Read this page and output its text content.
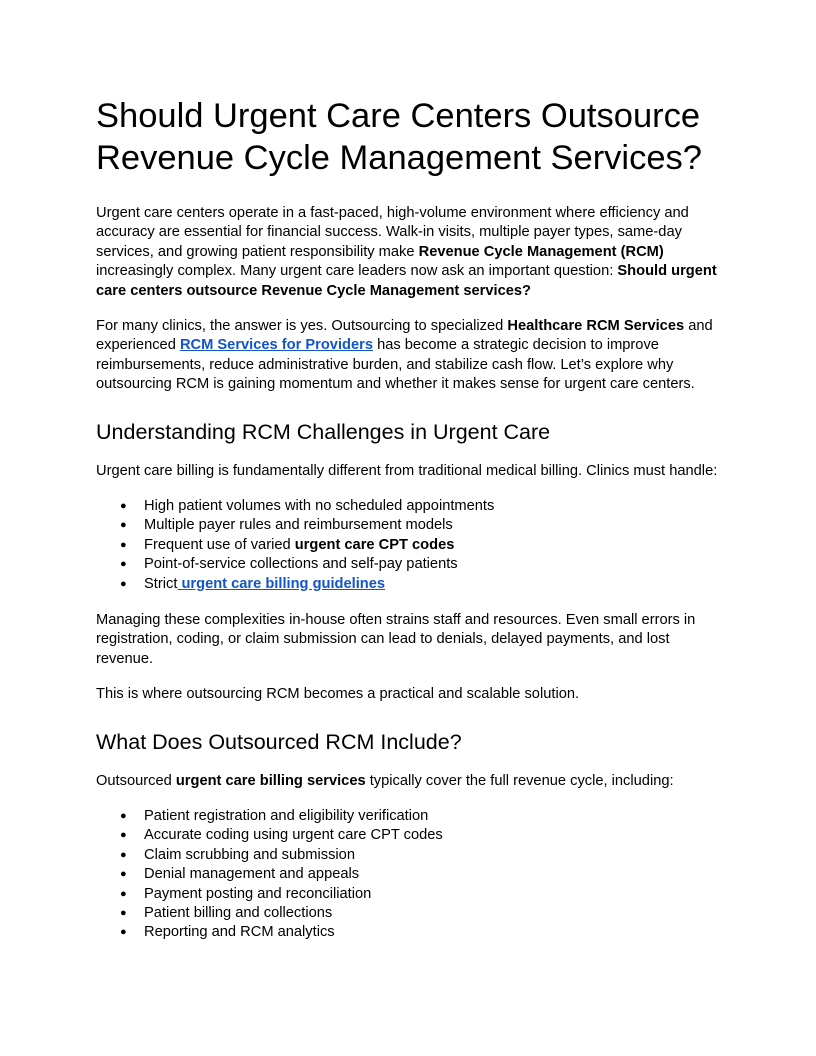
Should Urgent Care Centers Outsource Revenue Cycle Management Services?

Urgent care centers operate in a fast-paced, high-volume environment where efficiency and accuracy are essential for financial success. Walk-in visits, multiple payer types, same-day services, and growing patient responsibility make Revenue Cycle Management (RCM) increasingly complex. Many urgent care leaders now ask an important question: Should urgent care centers outsource Revenue Cycle Management services?

For many clinics, the answer is yes. Outsourcing to specialized Healthcare RCM Services and experienced RCM Services for Providers has become a strategic decision to improve reimbursements, reduce administrative burden, and stabilize cash flow. Let’s explore why outsourcing RCM is gaining momentum and whether it makes sense for urgent care centers.

Understanding RCM Challenges in Urgent Care

Urgent care billing is fundamentally different from traditional medical billing. Clinics must handle:

● High patient volumes with no scheduled appointments
● Multiple payer rules and reimbursement models
● Frequent use of varied urgent care CPT codes
● Point-of-service collections and self-pay patients
● Strict urgent care billing guidelines

Managing these complexities in-house often strains staff and resources. Even small errors in registration, coding, or claim submission can lead to denials, delayed payments, and lost revenue.

This is where outsourcing RCM becomes a practical and scalable solution.

What Does Outsourced RCM Include?

Outsourced urgent care billing services typically cover the full revenue cycle, including:

● Patient registration and eligibility verification
● Accurate coding using urgent care CPT codes
● Claim scrubbing and submission
● Denial management and appeals
● Payment posting and reconciliation
● Patient billing and collections
● Reporting and RCM analytics
